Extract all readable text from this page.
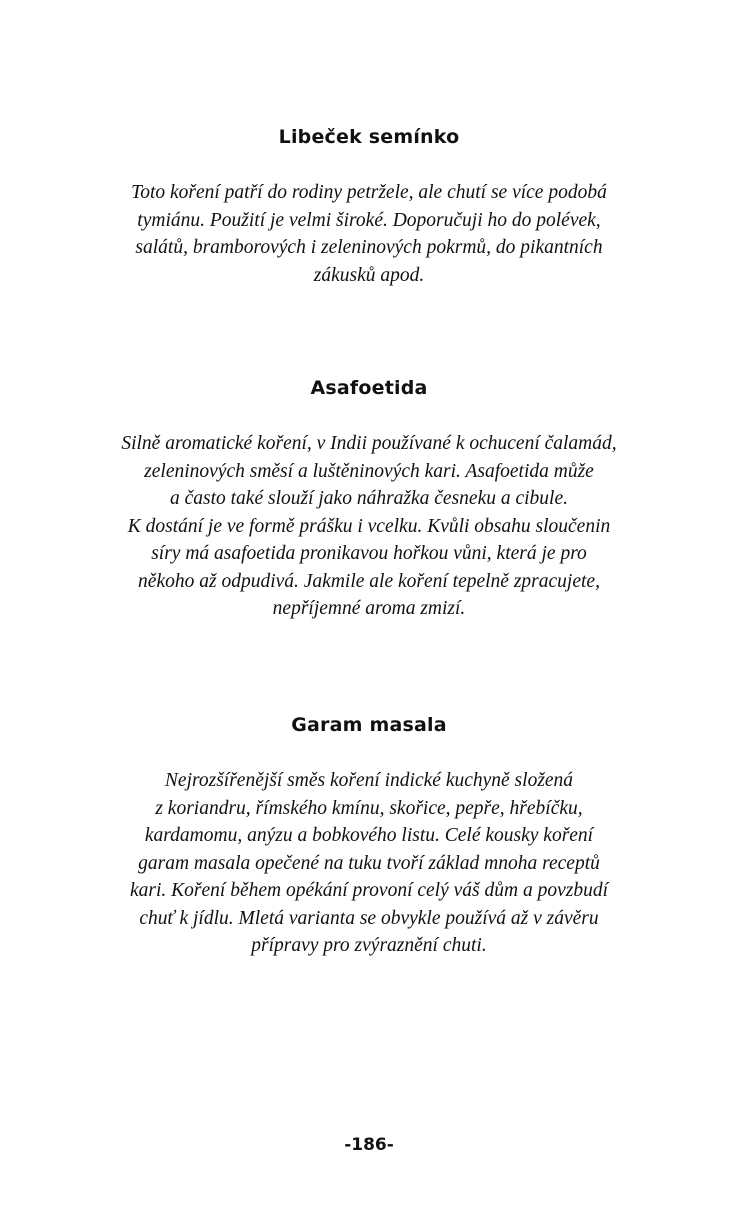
Libeček semínko
Toto koření patří do rodiny petržele, ale chutí se více podobá
tymiánu. Použití je velmi široké. Doporučuji ho do polévek,
salátů, bramborových i zeleninových pokrmů, do pikantních
zákusků apod.
Asafoetida
Silně aromatické koření, v Indii používané k ochucení čalamád,
zeleninových směsí a luštěninových kari. Asafoetida může
a často také slouží jako náhražka česneku a cibule.
K dostání je ve formě prášku i vcelku. Kvůli obsahu sloučenin
síry má asafoetida pronikavou hořkou vůni, která je pro
někoho až odpudivá. Jakmile ale koření tepelně zpracujete,
nepříjemné aroma zmizí.
Garam masala
Nejrozšířenější směs koření indické kuchyně složená
z koriandru, římského kmínu, skořice, pepře, hřebíčku,
kardamomu, anýzu a bobkového listu. Celé kousky koření
garam masala opečené na tuku tvoří základ mnoha receptů
kari. Koření během opékání provoní celý váš dům a povzbudí
chuť k jídlu. Mletá varianta se obvykle používá až v závěru
přípravy pro zvýraznění chuti.
-186-
